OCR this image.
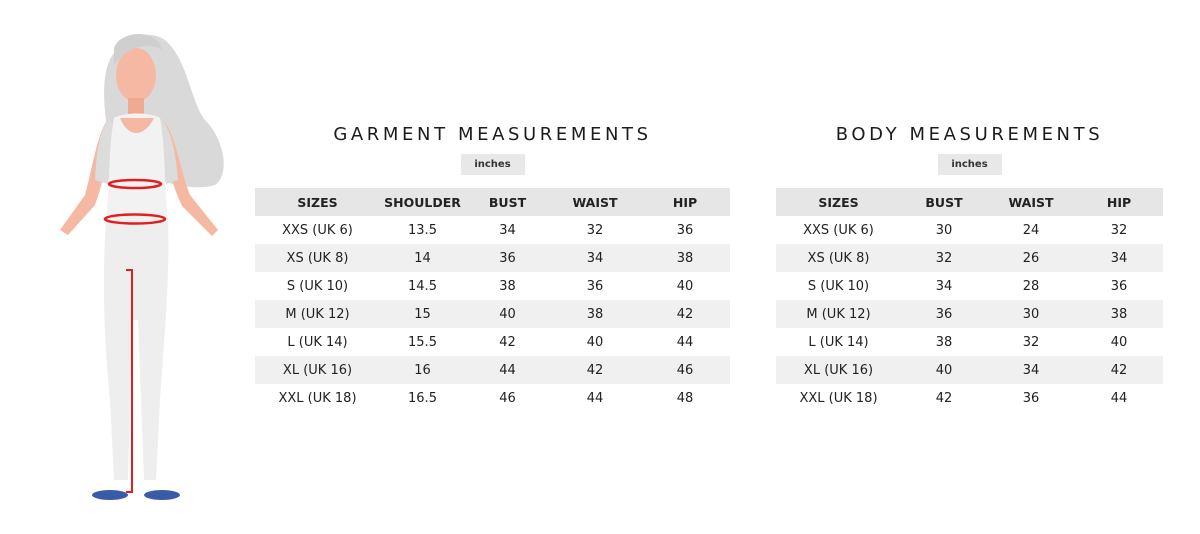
GARMENT MEASUREMENTS
inches
SIZES	SHOULDER	BUST	WAIST	HIP
XXS (UK 6)	13.5	34	32	36
XS (UK 8)	14	36	34	38
S (UK 10)	14.5	38	36	40
M (UK 12)	15	40	38	42
L (UK 14)	15.5	42	40	44
XL (UK 16)	16	44	42	46
XXL (UK 18)	16.5	46	44	48
BODY MEASUREMENTS
inches
SIZES	BUST	WAIST	HIP
XXS (UK 6)	30	24	32
XS (UK 8)	32	26	34
S (UK 10)	34	28	36
M (UK 12)	36	30	38
L (UK 14)	38	32	40
XL (UK 16)	40	34	42
XXL (UK 18)	42	36	44
